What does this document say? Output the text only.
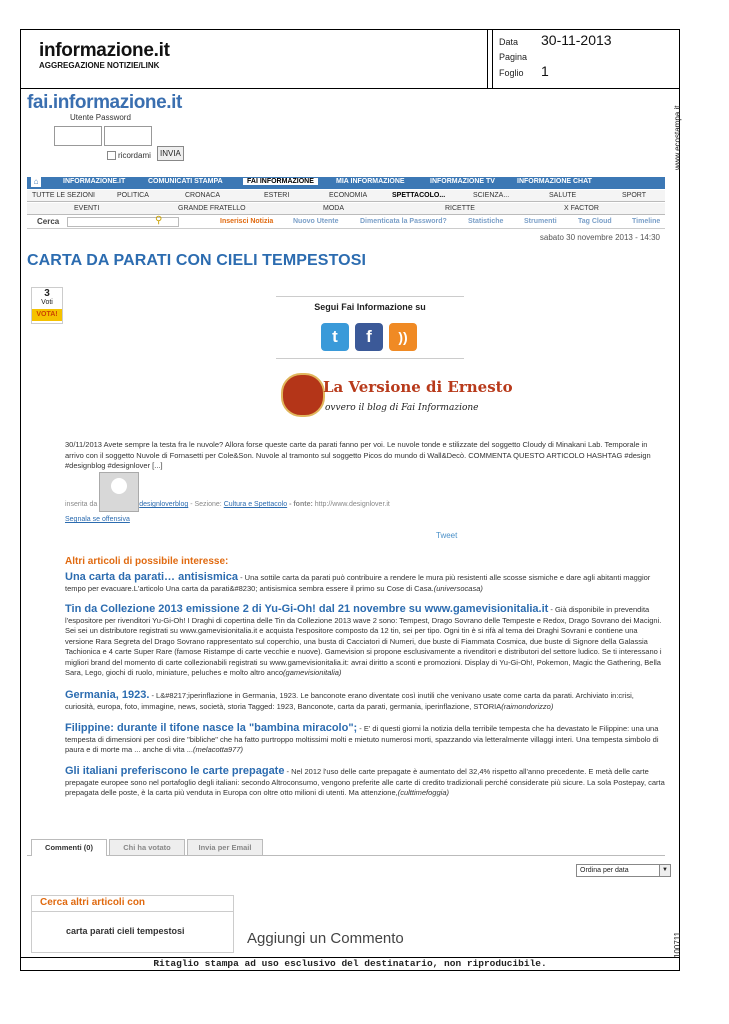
informazione.it
AGGREGAZIONE NOTIZIE/LINK
Data 30-11-2013
Pagina
Foglio 1
www.ecostampa.it
100711
Ritaglio stampa ad uso esclusivo del destinatario, non riproducibile.
fai.informazione.it
Utente Password
ricordami	INVIA
⌂	INFORMAZIONE.IT	COMUNICATI STAMPA	FAI INFORMAZIONE	MIA INFORMAZIONE	INFORMAZIONE TV	INFORMAZIONE CHAT
TUTTE LE SEZIONI	POLITICA	CRONACA	ESTERI	ECONOMIA	SPETTACOLO...	SCIENZA...	SALUTE	SPORT
EVENTI	GRANDE FRATELLO	MODA	RICETTE	X FACTOR
Cerca	⚲	Inserisci Notizia	Nuovo Utente	Dimenticata la Password?	Statistiche	Strumenti	Tag Cloud	Timeline
sabato 30 novembre 2013 - 14:30
CARTA DA PARATI CON CIELI TEMPESTOSI
3
Voti
VOTA!
Segui Fai Informazione su
t	f	))
La Versione di Ernesto
ovvero il blog di Fai Informazione
30/11/2013 Avete sempre la testa fra le nuvole? Allora forse queste carte da parati fanno per voi. Le nuvole tonde e stilizzate del soggetto Cloudy di Minakani Lab. Temporale in arrivo con il soggetto Nuvole di Fornasetti per Cole&Son. Nuvole al tramonto sul soggetto Picos do mundo di Wall&Decò. COMMENTA QUESTO ARTICOLO HASHTAG #design #designblog #designlover [...]
inserita da	designloverblog - Sezione: Cultura e Spettacolo - fonte: http://www.designlover.it
Segnala se offensiva
Tweet
Altri articoli di possibile interesse:
Una carta da parati… antisismica - Una sottile carta da parati può contribuire a rendere le mura più resistenti alle scosse sismiche e dare agli abitanti maggior tempo per evacuare.L'articolo Una carta da parati&#8230; antisismica sembra essere il primo su Cose di Casa.(universocasa)
Tin da Collezione 2013 emissione 2 di Yu-Gi-Oh! dal 21 novembre su www.gamevisionitalia.it - Già disponibile in prevendita l'espositore per rivenditori Yu-Gi-Oh! I Draghi di copertina delle Tin da Collezione 2013 wave 2 sono: Tempest, Drago Sovrano delle Tempeste e Redox, Drago Sovrano dei Macigni. Sei sei un distributore registrati su www.gamevisionitalia.it e acquista l'espositore composto da 12 tin, sei per tipo. Ogni tin è si rifà al tema dei Draghi Sovrani e contiene una versione Rara Segreta del Drago Sovrano rappresentato sul coperchio, una busta di Cacciatori di Numeri, due buste di Fiammata Cosmica, due buste di Signore della Galassia Tachionica e 4 carte Super Rare (famose Ristampe di carte vecchie e nuove). Gamevision si propone esclusivamente a rivenditori e distributori del settore ludico. Se ti interessano i migliori brand del momento di carte collezionabili registrati su www.gamevisionitalia.it: avrai diritto a sconti e promozioni. Display di Yu-Gi-Oh!, Pokemon, Magic the Gathering, Bella Sara, Lego, giochi di ruolo, miniature, peluches e molto altro anco(gamevisionitalia)
Germania, 1923. - L&#8217;iperinflazione in Germania, 1923. Le banconote erano diventate così inutili che venivano usate come carta da parati. Archiviato in:crisi, curiosità, europa, foto, immagine, news, società, storia Tagged: 1923, Banconote, carta da parati, germania, iperinflazione, STORIA(raimondorizzo)
Filippine: durante il tifone nasce la "bambina miracolo"; - E' di questi giorni la notizia della terribile tempesta che ha devastato le Filippine: una una tempesta di dimensioni per così dire "bibliche" che ha fatto purtroppo moltissimi molti e mietuto numerosi morti, spazzando via letteralmente villaggi interi. Una tempesta simbolo di paura e di morte ma ... anche di vita ...(melacotta977)
Gli italiani preferiscono le carte prepagate - Nel 2012 l'uso delle carte prepagate è aumentato del 32,4% rispetto all'anno precedente. E metà delle carte prepagate europee sono nel portafoglio degli italiani: secondo Altroconsumo, vengono preferite alle carte di credito tradizionali perché considerate più sicure. La sola Postepay, carta prepagata delle poste, è la carta più venduta in Europa con oltre otto milioni di utenti. Ma attenzione,(culttimefoggia)
Commenti (0)	Chi ha votato	Invia per Email
Ordina per data	▼
Cerca altri articoli con
carta parati cieli tempestosi	Aggiungi un Commento
